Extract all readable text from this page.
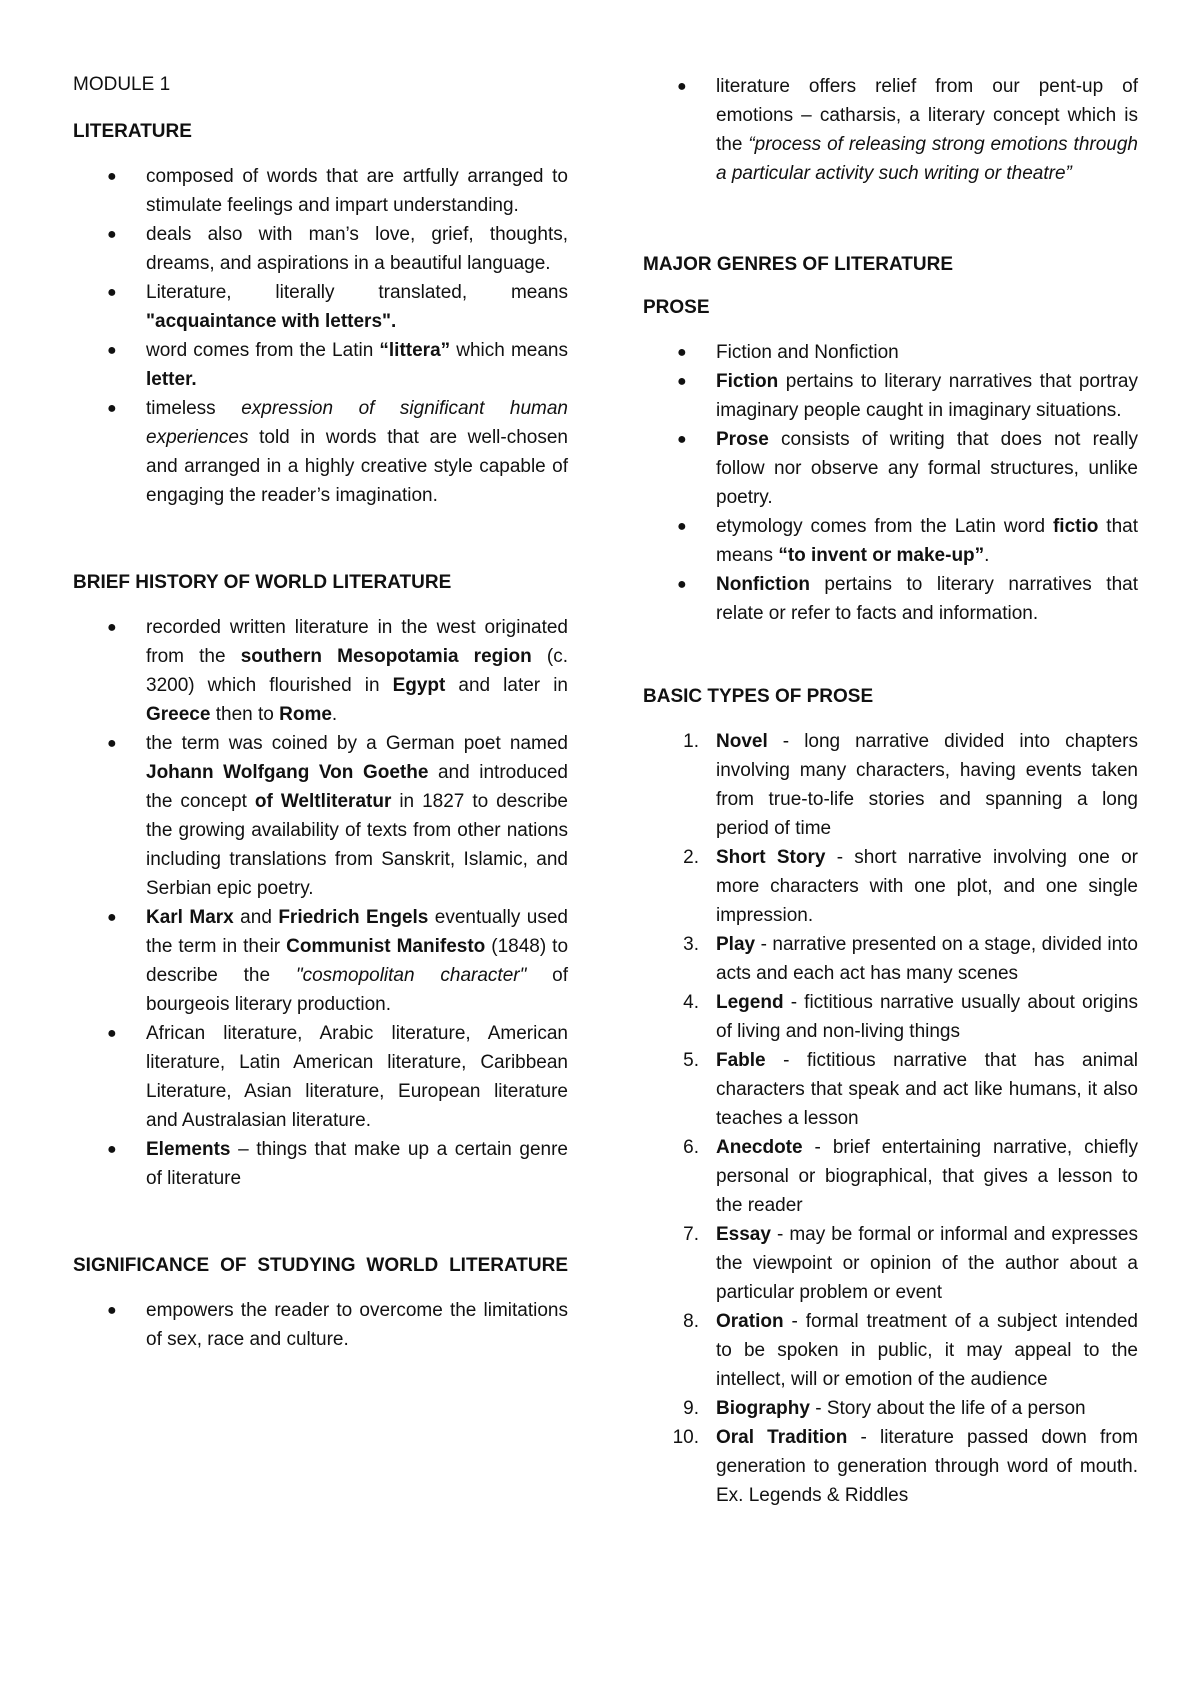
MODULE 1

LITERATURE

● composed of words that are artfully arranged to stimulate feelings and impart understanding.
● deals also with man’s love, grief, thoughts, dreams, and aspirations in a beautiful language.
● Literature, literally translated, means "acquaintance with letters".
● word comes from the Latin “littera” which means letter.
● timeless expression of significant human experiences told in words that are well-chosen and arranged in a highly creative style capable of engaging the reader’s imagination.

BRIEF HISTORY OF WORLD LITERATURE

● recorded written literature in the west originated from the southern Mesopotamia region (c. 3200) which flourished in Egypt and later in Greece then to Rome.
● the term was coined by a German poet named Johann Wolfgang Von Goethe and introduced the concept of Weltliteratur in 1827 to describe the growing availability of texts from other nations including translations from Sanskrit, Islamic, and Serbian epic poetry.
● Karl Marx and Friedrich Engels eventually used the term in their Communist Manifesto (1848) to describe the "cosmopolitan character" of bourgeois literary production.
● African literature, Arabic literature, American literature, Latin American literature, Caribbean Literature, Asian literature, European literature and Australasian literature.
● Elements – things that make up a certain genre of literature

SIGNIFICANCE OF STUDYING WORLD LITERATURE

● empowers the reader to overcome the limitations of sex, race and culture.
● literature offers relief from our pent-up of emotions – catharsis, a literary concept which is the “process of releasing strong emotions through a particular activity such writing or theatre”

MAJOR GENRES OF LITERATURE

PROSE

● Fiction and Nonfiction
● Fiction pertains to literary narratives that portray imaginary people caught in imaginary situations.
● Prose consists of writing that does not really follow nor observe any formal structures, unlike poetry.
● etymology comes from the Latin word fictio that means “to invent or make-up”.
● Nonfiction pertains to literary narratives that relate or refer to facts and information.

BASIC TYPES OF PROSE

1. Novel - long narrative divided into chapters involving many characters, having events taken from true-to-life stories and spanning a long period of time
2. Short Story - short narrative involving one or more characters with one plot, and one single impression.
3. Play - narrative presented on a stage, divided into acts and each act has many scenes
4. Legend - fictitious narrative usually about origins of living and non-living things
5. Fable - fictitious narrative that has animal characters that speak and act like humans, it also teaches a lesson
6. Anecdote - brief entertaining narrative, chiefly personal or biographical, that gives a lesson to the reader
7. Essay - may be formal or informal and expresses the viewpoint or opinion of the author about a particular problem or event
8. Oration - formal treatment of a subject intended to be spoken in public, it may appeal to the intellect, will or emotion of the audience
9. Biography - Story about the life of a person
10. Oral Tradition - literature passed down from generation to generation through word of mouth. Ex. Legends & Riddles
